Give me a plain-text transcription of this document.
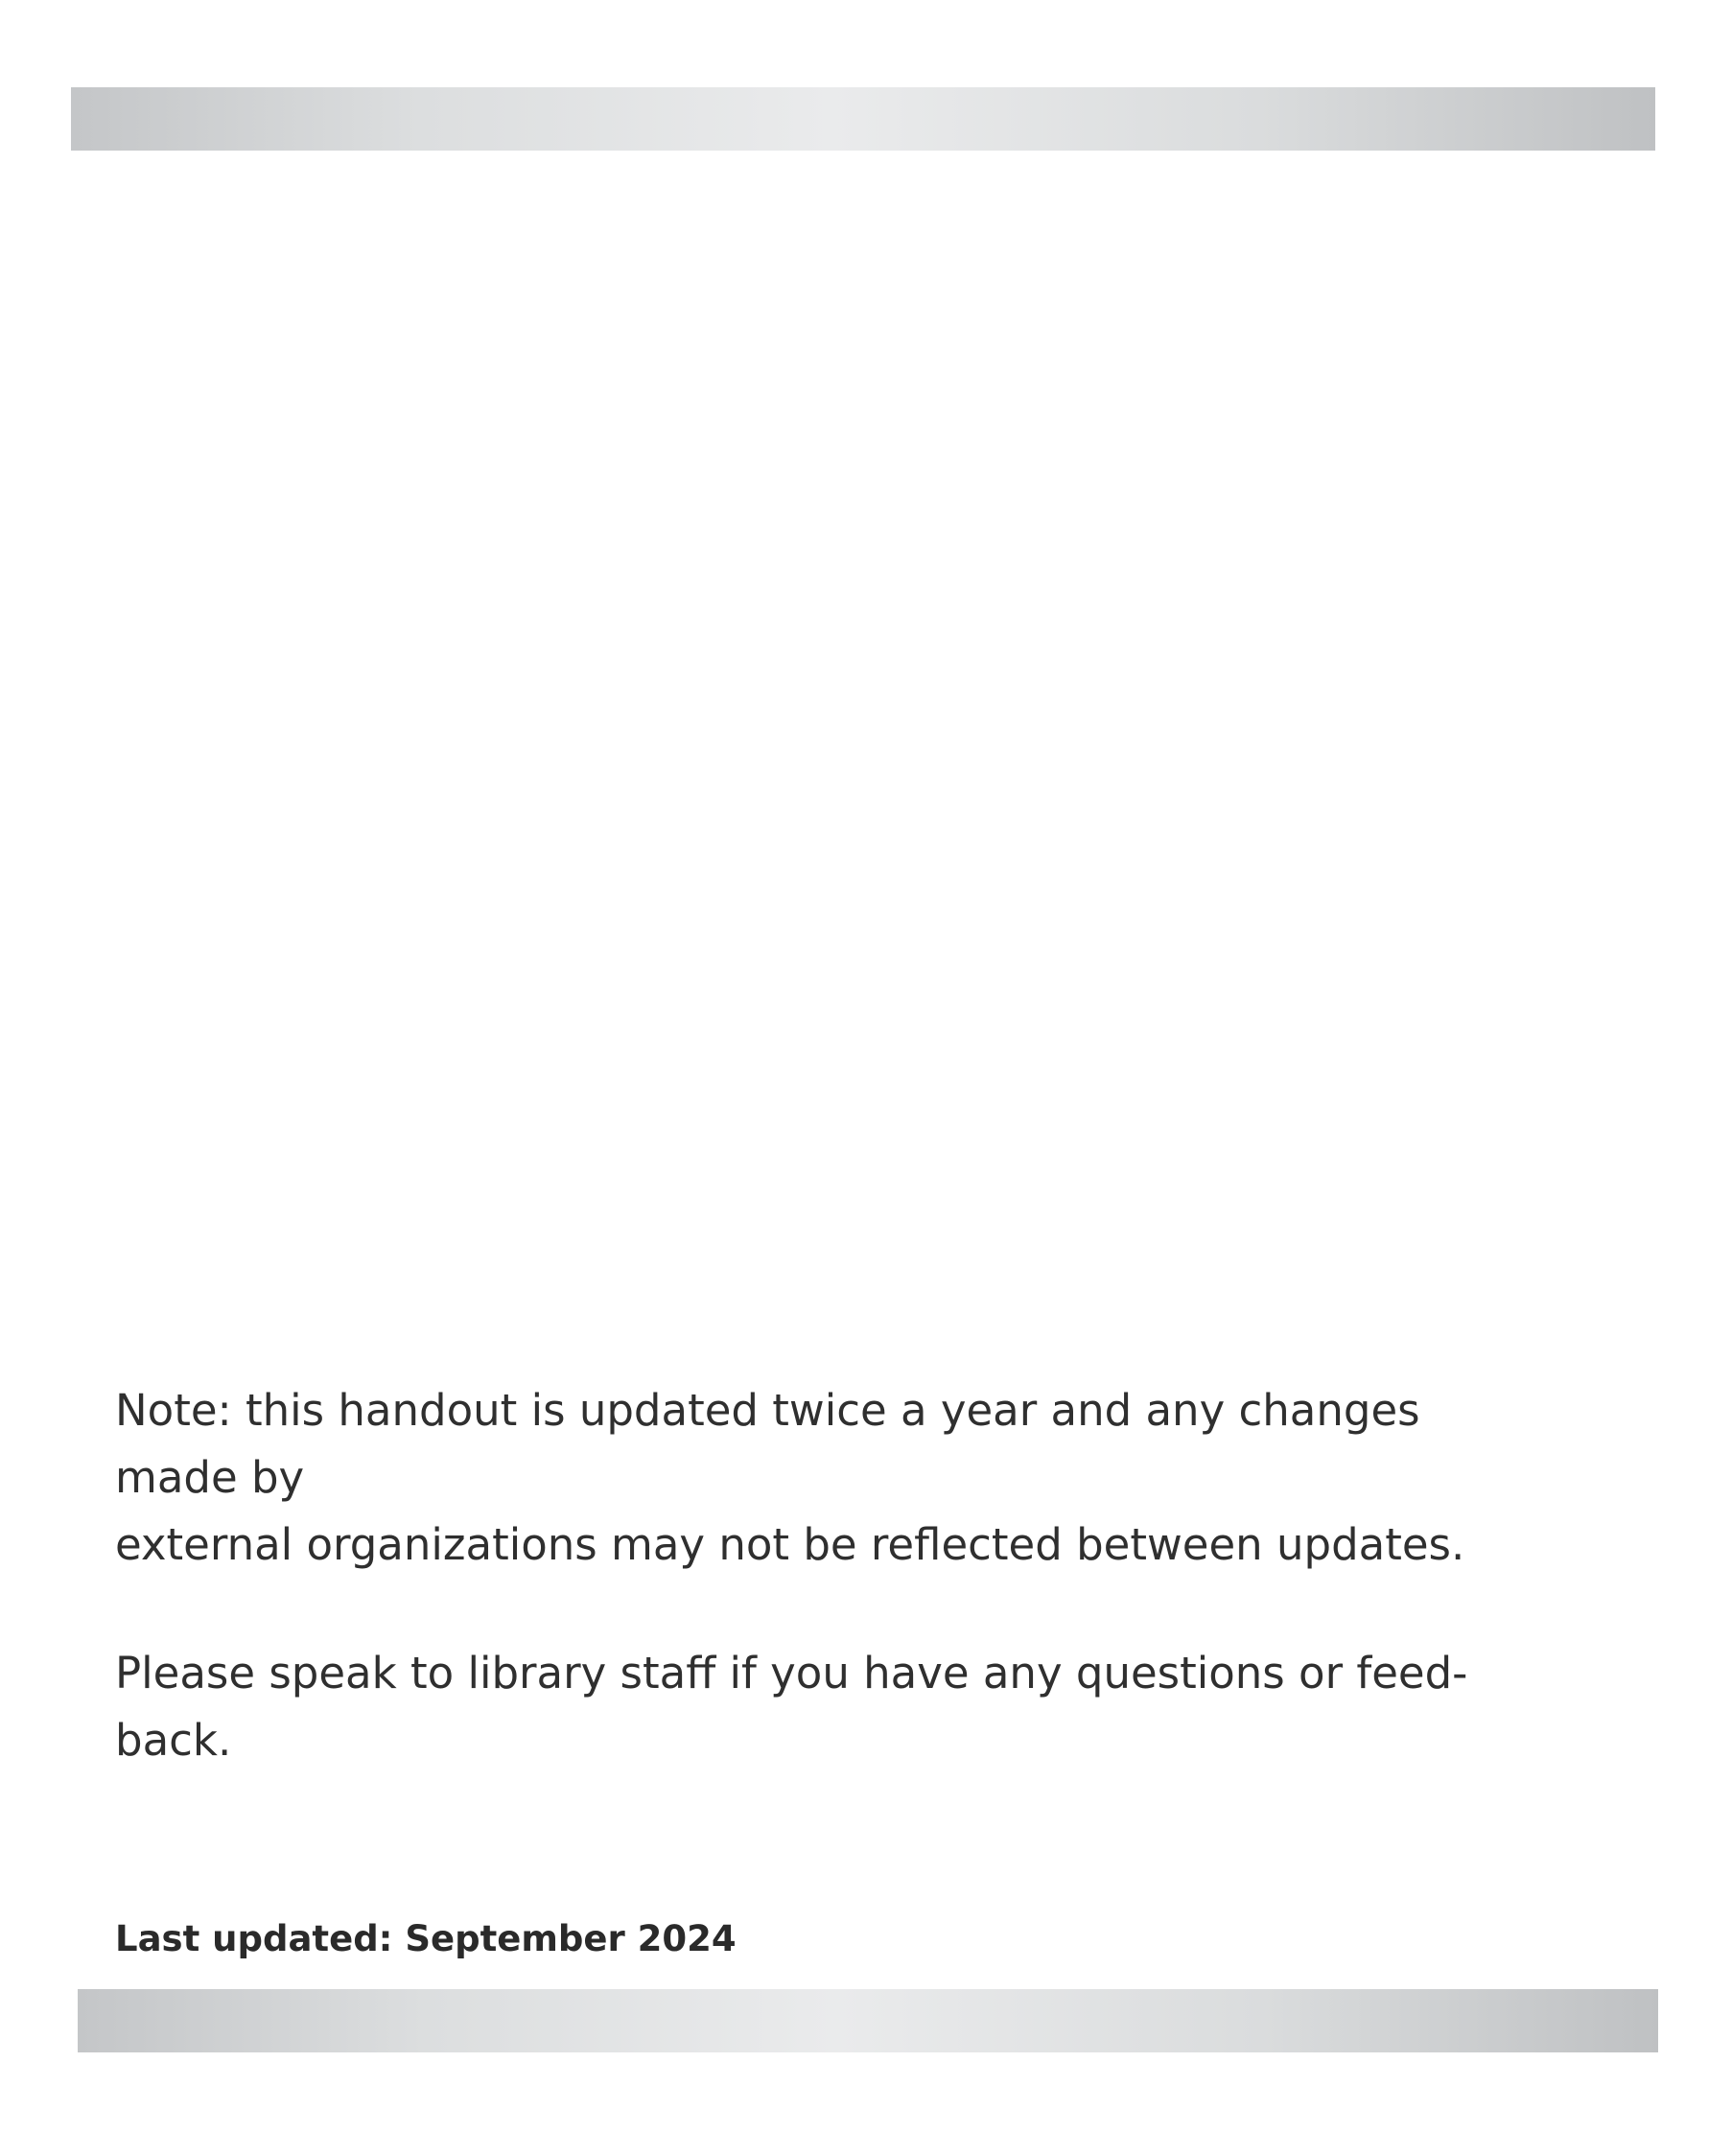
Note: this handout is updated twice a year and any changes
made by
external organizations may not be reflected between updates.

Please speak to library staff if you have any questions or feed-
back.

Last updated: September 2024
